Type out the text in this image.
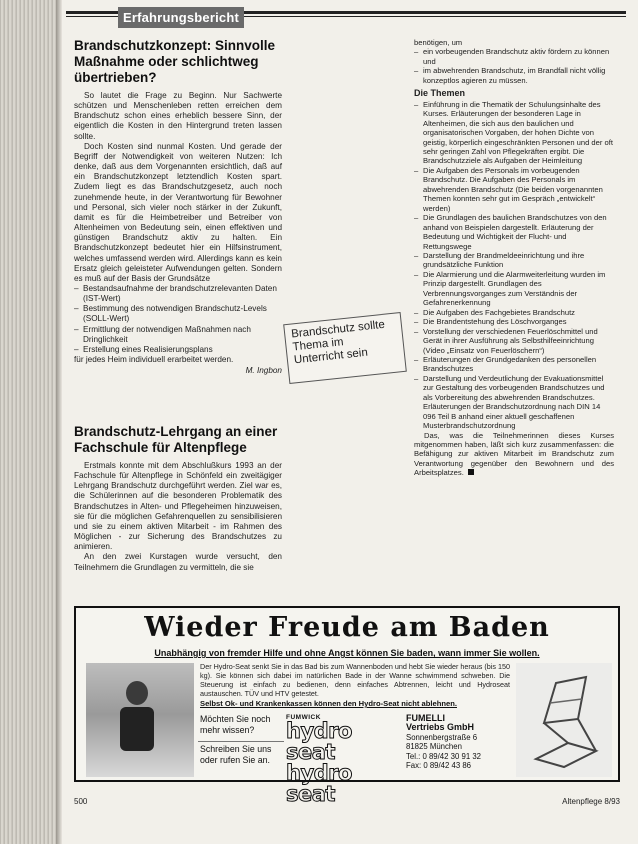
Erfahrungsbericht
Brandschutzkonzept: Sinnvolle Maßnahme oder schlichtweg übertrieben?

So lautet die Frage zu Beginn. Nur Sachwerte schützen und Menschenleben retten erreichen dem Brandschutz schon eines erheblich bessere Sinn, der eigentlich die Kosten in den Hintergrund treten lassen sollte.

Doch Kosten sind nunmal Kosten. Und gerade der Begriff der Notwendigkeit von weiteren Nutzen: Ich denke, daß aus dem Vorgenannten ersichtlich, daß auf ein Brandschutzkonzept letztendlich Kosten spart. Zudem liegt es das Brandschutzgesetz, auch noch zunehmende heute, in der Verantwortung für Bewohner und Personal, sich vieler noch stärker in der Zukunft, damit es für die Heimbetreiber und Betreiber von Altenheimen von Bedeutung sein, einen effektiven und günstigen Brandschutz aktiv zu halten. Ein Brandschutzkonzept bedeutet hier ein Hilfsinstrument, welches umfassend werden wird. Allerdings kann es kein Ersatz gleich geleisteter Aufwendungen gelten. Sondern es muß auf der Basis der Grundsätze

– Bestandsaufnahme der brandschutzrelevanten Daten (IST-Wert)
– Bestimmung des notwendigen Brandschutz-Levels (SOLL-Wert)
– Ermittlung der notwendigen Maßnahmen nach Dringlichkeit
– Erstellung eines Realisierungsplans

für jedes Heim individuell erarbeitet werden.

M. Ingbon

Brandschutz-Lehrgang an einer Fachschule für Altenpflege

Erstmals konnte mit dem Abschlußkurs 1993 an der Fachschule für Altenpflege in Schönfeld ein zweitägiger Lehrgang Brandschutz durchgeführt werden. Ziel war es, die Schülerinnen auf die besonderen Problematik des Brandschutzes in Alten- und Pflegeheimen hinzuweisen, sie für die möglichen Gefahrenquellen zu sensibilisieren und sie zu einem aktiven Mitarbeit - im Rahmen des Möglichen - zur Sicherung des Brandschutzes zu animieren.

An den zwei Kurstagen wurde versucht, den Teilnehmern die Grundlagen zu vermitteln, die sie

Brandschutz sollte Thema im Unterricht sein

benötigen, um

– ein vorbeugenden Brandschutz aktiv fördern zu können und
– im abwehrenden Brandschutz, im Brandfall nicht völlig konzeptlos agieren zu müssen.

Die Themen

– Einführung in die Thematik der Schulungsinhalte des Kurses. Erläuterungen der besonderen Lage in Altenheimen, die sich aus den baulichen und organisatorischen Vorgaben, der hohen Dichte von geistig, körperlich eingeschränkten Personen und der oft sehr geringen Zahl von Pflegekräften ergibt. Die Brandschutzziele als Aufgaben der Heimleitung
– Die Aufgaben des Personals im vorbeugenden Brandschutz. Die Aufgaben des Personals im abwehrenden Brandschutz (Die beiden vorgenannten Themen konnten sehr gut im Gespräch „entwickelt“ werden)
– Die Grundlagen des baulichen Brandschutzes von den anhand von Beispielen dargestellt. Erläuterung der Bedeutung und Wichtigkeit der Flucht- und Rettungswege
– Darstellung der Brandmeldeeinrichtung und ihre grundsätzliche Funktion
– Die Alarmierung und die Alarmweiterleitung wurden im Prinzip dargestellt. Grundlagen des Verbrennungsvorganges zum Verständnis der Gefahrenerkennung
– Die Aufgaben des Fachgebietes Brandschutz
– Die Brandentstehung des Löschvorganges
– Vorstellung der verschiedenen Feuerlöschmittel und Gerät in ihrer Ausführung als Selbsthilfeeinrichtung (Video „Einsatz von Feuerlöschern“)
– Erläuterungen der Grundgedanken des personellen Brandschutzes
– Darstellung und Verdeutlichung der Evakuationsmittel zur Gestaltung des vorbeugenden Brandschutzes und als Vorbereitung des abwehrenden Brandschutzes. Erläuterungen der Brandschutzordnung nach DIN 14 096 Teil B anhand einer aktuell geschaffenen Musterbrandschutzordnung

Das, was die Teilnehmerinnen dieses Kurses mitgenommen haben, läßt sich kurz zusammenfassen: die Befähigung zur aktiven Mitarbeit im Brandschutz zum Verantwortung gegenüber den Bewohnern und des Arbeitsplatzes.

Wieder Freude am Baden
Unabhängig von fremder Hilfe und ohne Angst können Sie baden, wann immer Sie wollen.
Der Hydro-Seat senkt Sie in das Bad bis zum Wannenboden und hebt Sie wieder heraus (bis 150 kg). Sie können sich dabei im natürlichen Bade in der Wanne schwimmend schweben. Die Steuerung ist einfach zu bedienen, denn einfaches Abtrennen, leicht und Hydroseat austauschen. TÜV und HTV getestet.
Selbst Ok- und Krankenkassen können den Hydro-Seat nicht ablehnen.
Möchten Sie noch mehr wissen?
Schreiben Sie uns oder rufen Sie an.
FUMWICK
hydro seat
hydro seat
FUMELLI
Vertriebs GmbH
Sonnenbergstraße 6
81825 München
Tel.: 0 89/42 30 91 32
Fax: 0 89/42 43 86
500	Altenpflege 8/93
